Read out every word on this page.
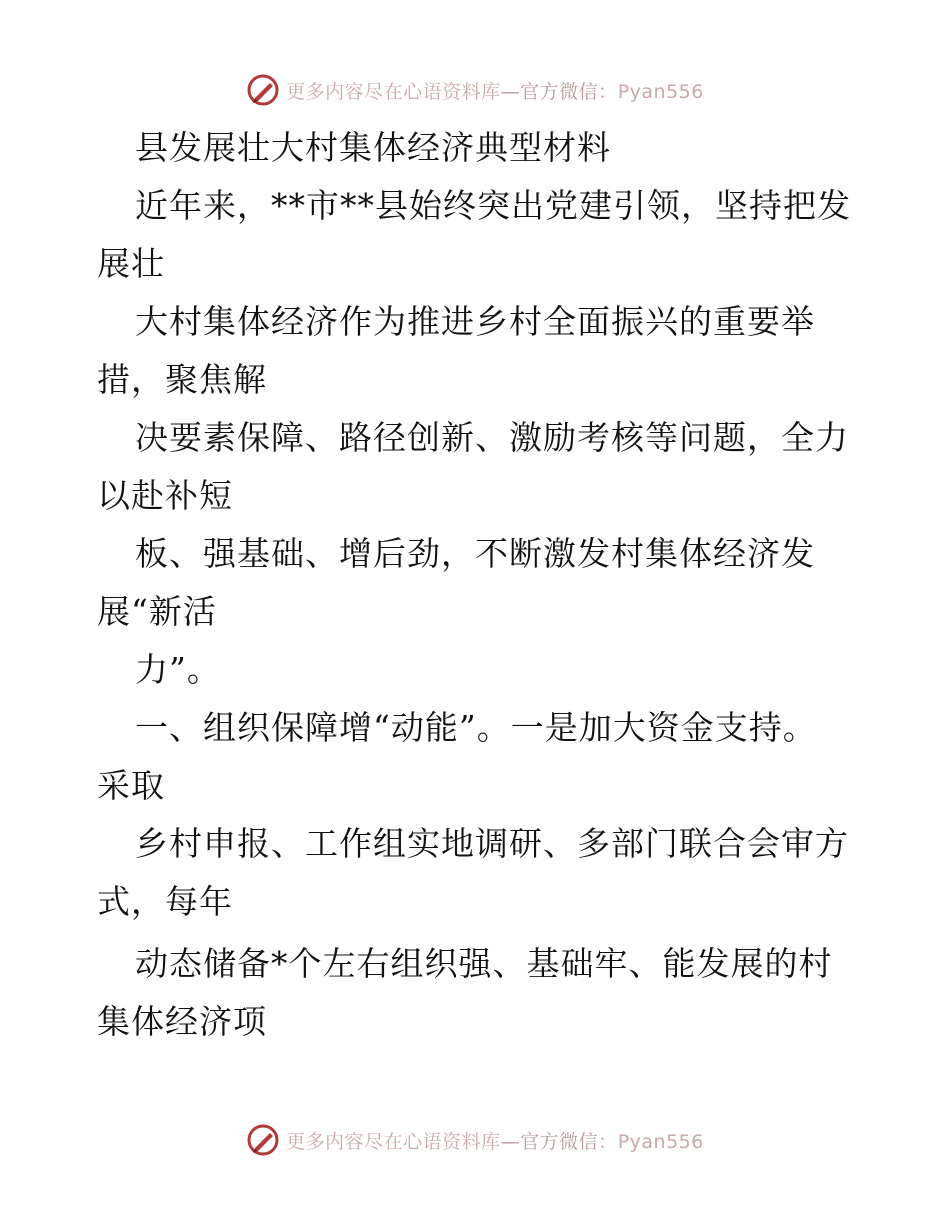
更多内容尽在心语资料库—官方微信：Pyan556
县发展壮大村集体经济典型材料
近年来，**市**县始终突出党建引领，坚持把发
展壮
大村集体经济作为推进乡村全面振兴的重要举
措，聚焦解
决要素保障、路径创新、激励考核等问题，全力
以赴补短
板、强基础、增后劲，不断激发村集体经济发
展“新活
力”。
一、组织保障增“动能”。一是加大资金支持。
采取
乡村申报、工作组实地调研、多部门联合会审方
式，每年
动态储备*个左右组织强、基础牢、能发展的村
集体经济项
更多内容尽在心语资料库—官方微信：Pyan556
